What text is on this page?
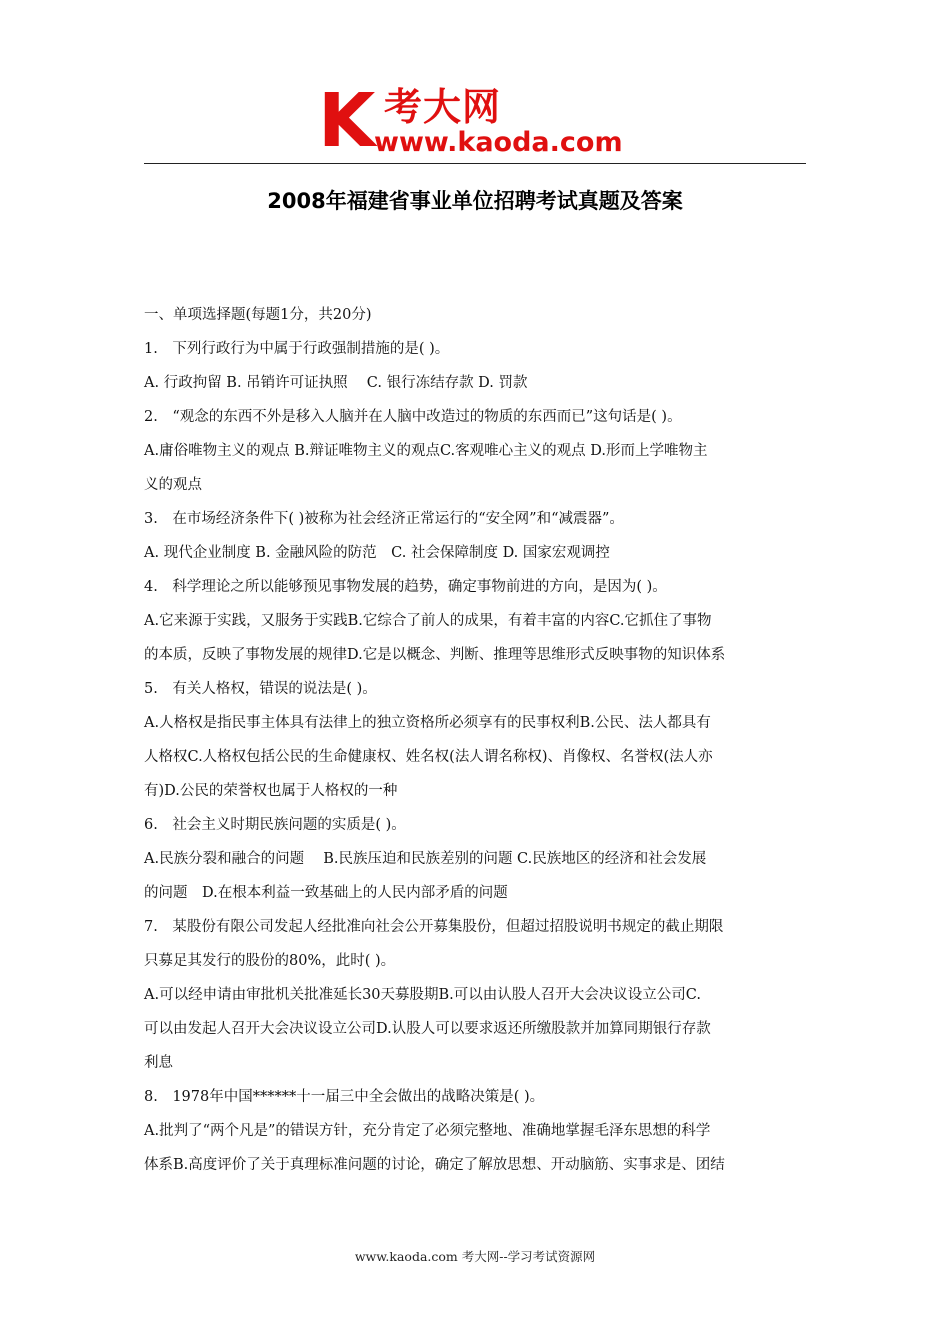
K 考大网
www.kaoda.com
2008年福建省事业单位招聘考试真题及答案

一、单项选择题(每题1分，共20分)

1.　下列行政行为中属于行政强制措施的是( )。

A. 行政拘留 B. 吊销许可证执照　 C. 银行冻结存款 D. 罚款

2.　“观念的东西不外是移入人脑并在人脑中改造过的物质的东西而已”这句话是( )。

A.庸俗唯物主义的观点 B.辩证唯物主义的观点C.客观唯心主义的观点 D.形而上学唯物主

义的观点

3.　在市场经济条件下( )被称为社会经济正常运行的“安全网”和“减震器”。

A. 现代企业制度 B. 金融风险的防范　C. 社会保障制度 D. 国家宏观调控

4.　科学理论之所以能够预见事物发展的趋势，确定事物前进的方向，是因为( )。

A.它来源于实践，又服务于实践B.它综合了前人的成果，有着丰富的内容C.它抓住了事物

的本质，反映了事物发展的规律D.它是以概念、判断、推理等思维形式反映事物的知识体系

5.　有关人格权，错误的说法是( )。

A.人格权是指民事主体具有法律上的独立资格所必须享有的民事权利B.公民、法人都具有

人格权C.人格权包括公民的生命健康权、姓名权(法人谓名称权)、肖像权、名誉权(法人亦

有)D.公民的荣誉权也属于人格权的一种

6.　社会主义时期民族问题的实质是( )。

A.民族分裂和融合的问题　 B.民族压迫和民族差别的问题 C.民族地区的经济和社会发展

的问题　D.在根本利益一致基础上的人民内部矛盾的问题

7.　某股份有限公司发起人经批准向社会公开募集股份，但超过招股说明书规定的截止期限

只募足其发行的股份的80%，此时( )。

A.可以经申请由审批机关批准延长30天募股期B.可以由认股人召开大会决议设立公司C.

可以由发起人召开大会决议设立公司D.认股人可以要求返还所缴股款并加算同期银行存款

利息

8.　1978年中国******十一届三中全会做出的战略决策是( )。

A.批判了“两个凡是”的错误方针，充分肯定了必须完整地、准确地掌握毛泽东思想的科学

体系B.高度评价了关于真理标准问题的讨论，确定了解放思想、开动脑筋、实事求是、团结

www.kaoda.com 考大网--学习考试资源网
